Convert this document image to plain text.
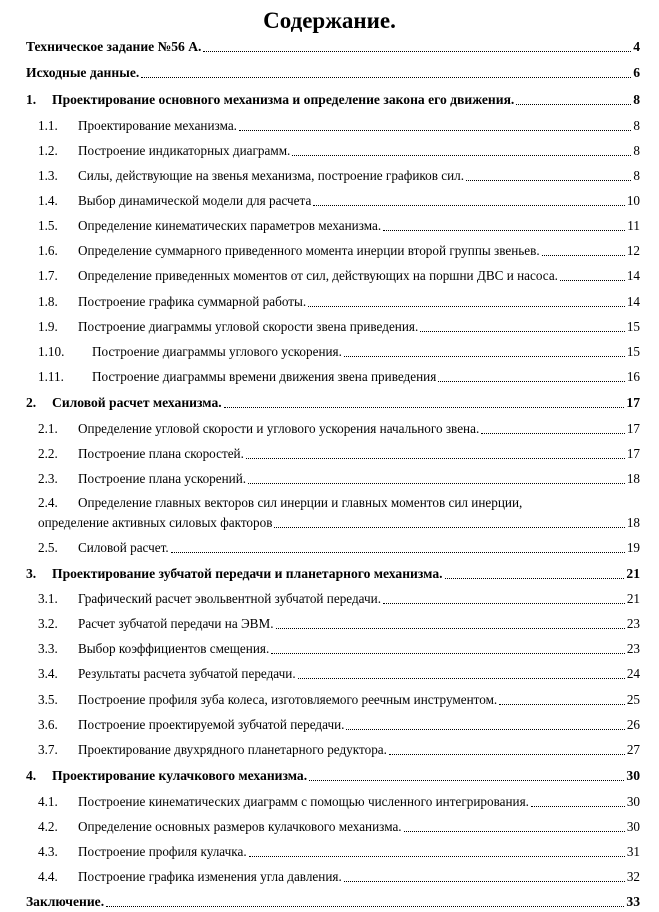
Содержание.
Техническое задание №56 А.	4
Исходные данные.	6
1.	Проектирование основного механизма и определение закона его движения.	8
1.1.	Проектирование механизма.	8
1.2.	Построение индикаторных диаграмм.	8
1.3.	Силы, действующие на звенья механизма, построение графиков сил.	8
1.4.	Выбор динамической модели для расчета	10
1.5.	Определение кинематических параметров механизма.	11
1.6.	Определение суммарного приведенного момента инерции второй группы звеньев.	12
1.7.	Определение приведенных моментов от сил, действующих на поршни ДВС и насоса.	14
1.8.	Построение графика суммарной работы.	14
1.9.	Построение диаграммы угловой скорости звена приведения.	15
1.10.	Построение диаграммы углового ускорения.	15
1.11.	Построение диаграммы времени движения звена приведения	16
2.	Силовой расчет механизма.	17
2.1.	Определение угловой скорости и углового ускорения начального звена.	17
2.2.	Построение плана скоростей.	17
2.3.	Построение плана ускорений.	18
2.4. Определение главных векторов сил инерции и главных моментов сил инерции,
определение активных силовых факторов	18
2.5.	Силовой расчет.	19
3.	Проектирование зубчатой передачи и планетарного механизма.	21
3.1.	Графический расчет эвольвентной зубчатой передачи.	21
3.2.	Расчет зубчатой передачи на ЭВМ.	23
3.3.	Выбор коэффициентов смещения.	23
3.4.	Результаты расчета зубчатой передачи.	24
3.5.	Построение профиля зуба колеса, изготовляемого реечным инструментом.	25
3.6.	Построение проектируемой зубчатой передачи.	26
3.7.	Проектирование двухрядного планетарного редуктора.	27
4.	Проектирование кулачкового механизма.	30
4.1.	Построение кинематических диаграмм с помощью численного интегрирования.	30
4.2.	Определение основных размеров кулачкового механизма.	30
4.3.	Построение профиля кулачка.	31
4.4.	Построение графика изменения угла давления.	32
Заключение.	33
